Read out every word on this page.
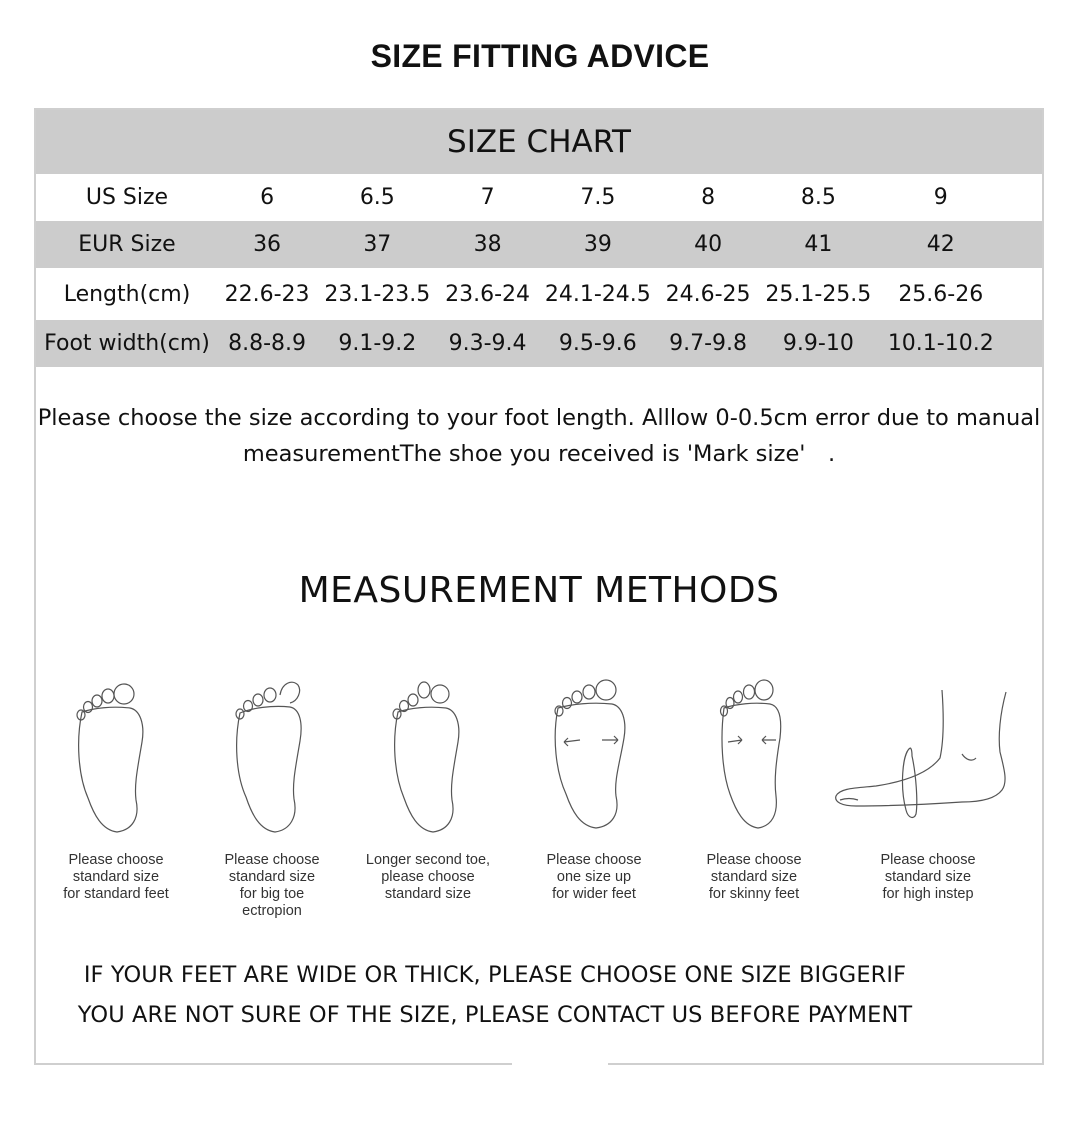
SIZE FITTING ADVICE
SIZE CHART
US Size	6	6.5	7	7.5	8	8.5	9	
EUR Size	36	37	38	39	40	41	42	
Length(cm)	22.6-23	23.1-23.5	23.6-24	24.1-24.5	24.6-25	25.1-25.5	25.6-26	
Foot width(cm)	8.8-8.9	9.1-9.2	9.3-9.4	9.5-9.6	9.7-9.8	9.9-10	10.1-10.2	
Please choose the size according to your foot length. Alllow 0-0.5cm error due to manual
measurementThe shoe you received is 'Mark size'　.
MEASUREMENT METHODS
Please choose
standard size
for standard feet
Please choose
standard size
for big toe
ectropion
Longer second toe,
please choose
standard size
Please choose
one size up
for wider feet
Please choose
standard size
for skinny feet
Please choose
standard size
for high instep
IF YOUR FEET ARE WIDE OR THICK, PLEASE CHOOSE ONE SIZE BIGGERIF
YOU ARE NOT SURE OF THE SIZE, PLEASE CONTACT US BEFORE PAYMENT
